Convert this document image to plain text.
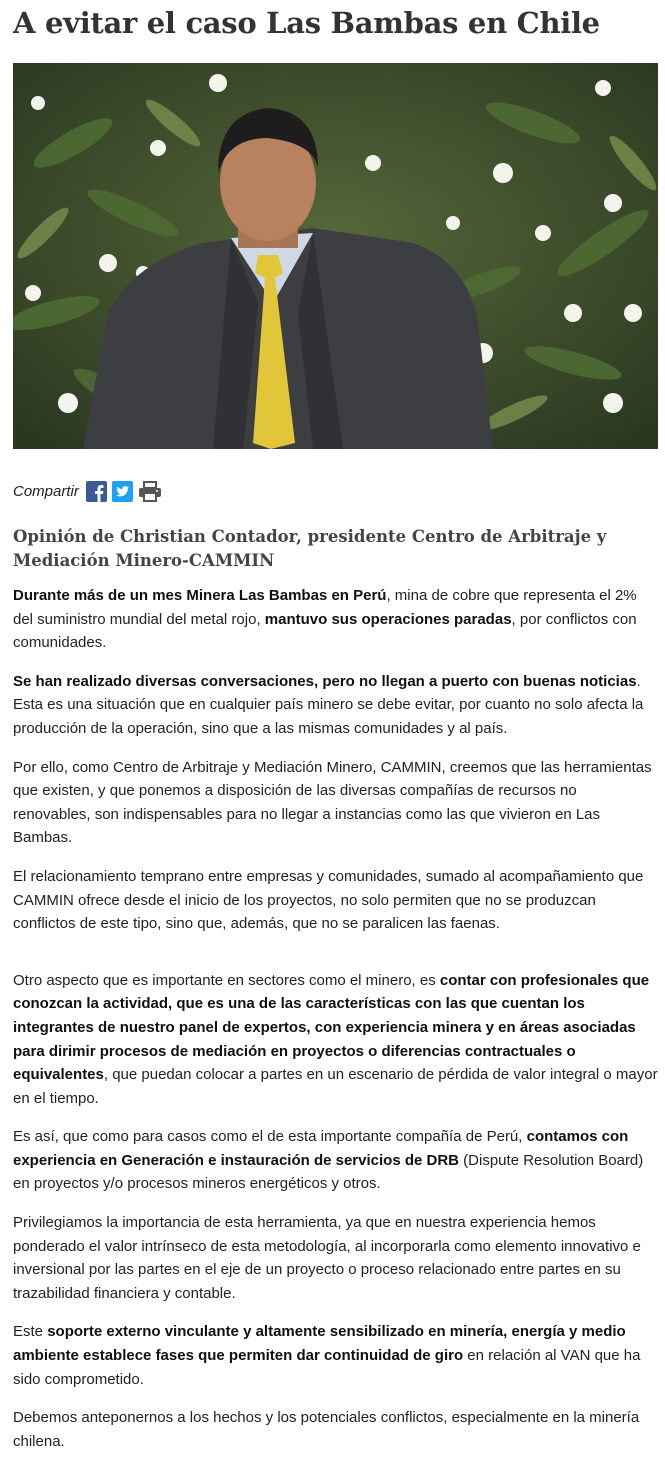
A evitar el caso Las Bambas en Chile
Compartir
Opinión de Christian Contador, presidente Centro de Arbitraje y Mediación Minero-CAMMIN

Durante más de un mes Minera Las Bambas en Perú, mina de cobre que representa el 2% del suministro mundial del metal rojo, mantuvo sus operaciones paradas, por conflictos con comunidades.

Se han realizado diversas conversaciones, pero no llegan a puerto con buenas noticias. Esta es una situación que en cualquier país minero se debe evitar, por cuanto no solo afecta la producción de la operación, sino que a las mismas comunidades y al país.

Por ello, como Centro de Arbitraje y Mediación Minero, CAMMIN, creemos que las herramientas que existen, y que ponemos a disposición de las diversas compañías de recursos no renovables, son indispensables para no llegar a instancias como las que vivieron en Las Bambas.

El relacionamiento temprano entre empresas y comunidades, sumado al acompañamiento que CAMMIN ofrece desde el inicio de los proyectos, no solo permiten que no se produzcan conflictos de este tipo, sino que, además, que no se paralicen las faenas.

Otro aspecto que es importante en sectores como el minero, es contar con profesionales que conozcan la actividad, que es una de las características con las que cuentan los integrantes de nuestro panel de expertos, con experiencia minera y en áreas asociadas para dirimir procesos de mediación en proyectos o diferencias contractuales o equivalentes, que puedan colocar a partes en un escenario de pérdida de valor integral o mayor en el tiempo.

Es así, que como para casos como el de esta importante compañía de Perú, contamos con experiencia en Generación e instauración de servicios de DRB (Dispute Resolution Board) en proyectos y/o procesos mineros energéticos y otros.

Privilegiamos la importancia de esta herramienta, ya que en nuestra experiencia hemos ponderado el valor intrínseco de esta metodología, al incorporarla como elemento innovativo e inversional por las partes en el eje de un proyecto o proceso relacionado entre partes en su trazabilidad financiera y contable.

Este soporte externo vinculante y altamente sensibilizado en minería, energía y medio ambiente establece fases que permiten dar continuidad de giro en relación al VAN que ha sido comprometido.

Debemos anteponernos a los hechos y los potenciales conflictos, especialmente en la minería chilena.
